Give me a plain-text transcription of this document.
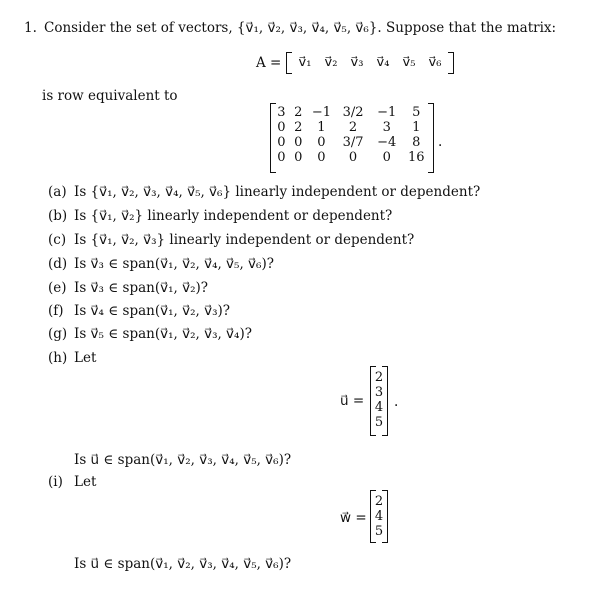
1. Consider the set of vectors, {v⃗₁, v⃗₂, v⃗₃, v⃗₄, v⃗₅, v⃗₆}. Suppose that the matrix:
A = v⃗₁	v⃗₂	v⃗₃	v⃗₄	v⃗₅	v⃗₆
is row equivalent to
3	2	−1	3/2	−1	5
0	2	1	2	3	1
0	0	0	3/7	−4	8
0	0	0	0	0	16
.
(a) Is {v⃗₁, v⃗₂, v⃗₃, v⃗₄, v⃗₅, v⃗₆} linearly independent or dependent?
(b) Is {v⃗₁, v⃗₂} linearly independent or dependent?
(c) Is {v⃗₁, v⃗₂, v⃗₃} linearly independent or dependent?
(d) Is v⃗₃ ∈ span(v⃗₁, v⃗₂, v⃗₄, v⃗₅, v⃗₆)?
(e) Is v⃗₃ ∈ span(v⃗₁, v⃗₂)?
(f) Is v⃗₄ ∈ span(v⃗₁, v⃗₂, v⃗₃)?
(g) Is v⃗₅ ∈ span(v⃗₁, v⃗₂, v⃗₃, v⃗₄)?
(h) Let
u⃗ =
2
3
4
5
.
Is u⃗ ∈ span(v⃗₁, v⃗₂, v⃗₃, v⃗₄, v⃗₅, v⃗₆)?
(i) Let
w⃗ =
2
4
5
Is u⃗ ∈ span(v⃗₁, v⃗₂, v⃗₃, v⃗₄, v⃗₅, v⃗₆)?
